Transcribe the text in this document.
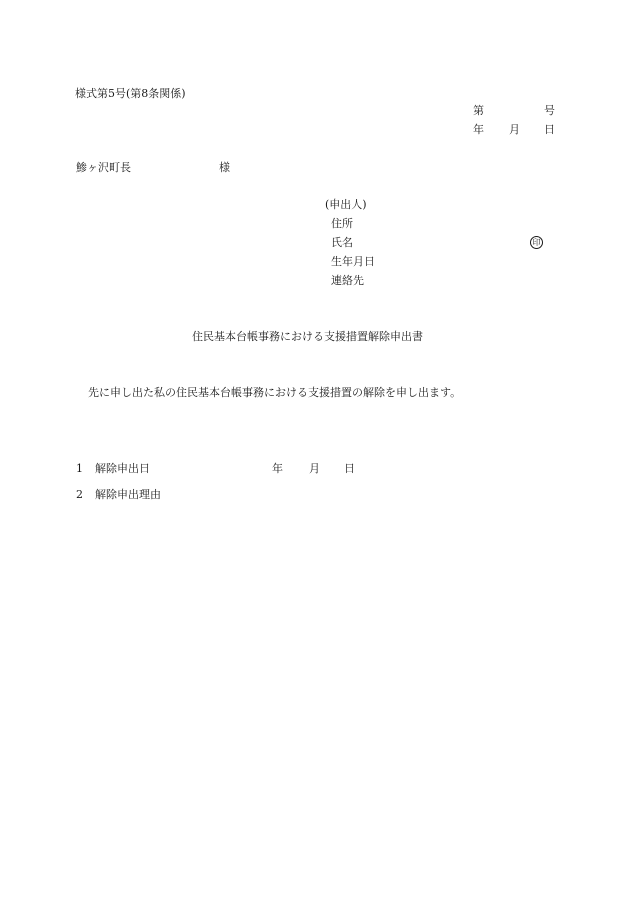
様式第5号(第8条関係)
第	号
年 月 日
鯵ヶ沢町長	様
(申出人)
住所
氏名	印
生年月日
連絡先
住民基本台帳事務における支援措置解除申出書
先に申し出た私の住民基本台帳事務における支援措置の解除を申し出ます。
1 解除申出日	年 月 日
2 解除申出理由
